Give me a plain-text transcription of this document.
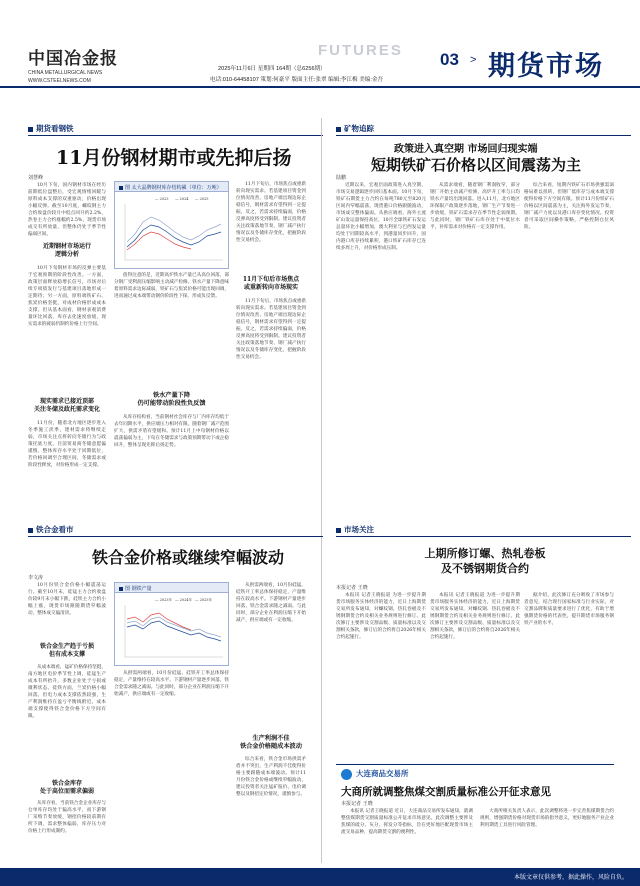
中国冶金报
CHINA METALLURGICAL NEWS
WWW.CSTEELNEWS.COM
FUTURES
2025年11月6日 星期四 164期（总6256期）
电话:010-64458107 策划:何豪平 版面主任:张翠 编辑:李江梅 美编:金吾
03 > 期货市场
期货看钢铁
11月份钢材期市或先抑后扬
刘慧峰

10月下旬，国内钢材市场在经历前期低位盘整后，受宏观情绪回暖与原料成本支撑的双重驱动，价格出现小幅反弹。截至10月底，螺纹钢主力合约收盘价较月中低点回升约2.2%，热卷主力合约涨幅约2.5%，现货市场成交有所放量，但整体仍处于季节性偏弱区间。

近期钢材市场运行
逻辑分析

10月下旬钢材市场的反弹主要基于宏观预期的阶段性改善。一方面，政策层面释放稳增长信号，市场对后续专项债发行与基建项目落地形成一定期待；另一方面，原料端铁矿石、焦炭价格坚挺，对成材价格形成成本支撑。但从基本面看，钢材表观消费量环比回落，库存去化速度放缓，现实需求的疲弱仍制约价格上行空间。

现实需求已接近顶部
关注冬储及政托需求变化

11月份，随着北方地区逐步进入冬季施工淡季，建材需求将继续走弱，市场关注点将转向冬储行为与政策托底力度。目前贸易商冬储意愿偏谨慎，整体库存水平处于同期低位，若价格回调至合理区间，冬储需求或阶段性释放，对价格形成一定支撑。

图 太大晶牌钢材库存结构累（单位：万吨）
— 2023 — 2024 — 2025

值得注意的是，近期高炉铁水产量已从高位回落，部分钢厂受利润压缩影响主动减产检修。铁水产量下降意味着原料需求边际减弱，铁矿石与焦炭价格可能出现回调，进而通过成本端带动钢价阶段性下探，形成负反馈。

铁水产量下降
仍可能带动阶段性负反馈

从库存结构看，当前钢材社会库存与厂内库存均低于去年同期水平，供应端压力相对有限。随着钢厂减产范围扩大，供需矛盾有望缓和。预计11月上中旬钢材价格以震荡偏弱为主，下旬在冬储需求与政策预期带动下或企稳回升，整体呈现先抑后扬走势。

11月下旬后，市场焦点或重新转向现实需求。若基建项目资金到位情况改善、房地产端出现边际企稳信号，钢材需求有望得到一定提振。反之，若需求持续偏弱，价格反弹高度将受到限制。建议投资者关注政策落地节奏、钢厂减产执行情况以及冬储库存变化，把握阶段性交易机会。

11月下旬后市场焦点
或重新转向市场现实

11月下旬后，市场焦点或重新转向现实需求。若基建项目资金到位情况改善、房地产端出现边际企稳信号，钢材需求有望得到一定提振。反之，若需求持续偏弱，价格反弹高度将受到限制。建议投资者关注政策落地节奏、钢厂减产执行情况以及冬储库存变化，把握阶段性交易机会。

矿物追踪
政策进入真空期 市场回归现实端
短期铁矿石价格以区间震荡为主
陆鹏

近期以来，宏观层面政策进入真空期，市场交易逻辑逐步回归基本面。10月下旬，铁矿石期货主力合约在每吨780元至820元区间内窄幅震荡，现货港口价格跟随波动，市场成交整体偏弱。从供应端看，海外主流矿山发运量保持高位，10月全球铁矿石发运总量环比小幅增加，澳大利亚与巴西发运量均处于同期较高水平，到港量同步回升，国内港口库存持续累积，港口铁矿石库存已连续多周上升，对价格形成压制。

从需求端看，随着钢厂利润收窄，部分钢厂开始主动减产检修，高炉开工率与日均铁水产量均出现回落。进入11月，北方地区环保限产政策逐步落地，钢厂生产节奏进一步放缓，铁矿石需求存在季节性走弱预期。与此同时，钢厂铁矿石库存处于中低位水平，补库需求对价格有一定支撑作用。

综合来看，短期内铁矿石市场供强需弱格局难以扭转，但钢厂低库存与成本端支撑使得价格下方空间有限。预计11月份铁矿石价格以区间震荡为主，关注海外发运节奏、钢厂减产力度以及港口库存变化情况。投资者可采取区间操作策略，严格控制仓位风险。

铁合金看市
铁合金价格或继续窄幅波动
李文涛

10月份铁合金价格小幅震荡运行。截至10月末，硅锰主力合约收盘价较9月末小幅下跌，硅铁主力合约小幅上涨，现货市场跟随期货窄幅波动，整体成交偏清淡。

铁合金生产趋于亏损
但有成本支撑

从成本端看，锰矿价格保持坚挺，南方地区电价季节性上调，硅锰生产成本有所抬升，多数企业处于亏损或微利状态。硅铁方面，兰炭价格小幅回落，但电力成本支撑依然较强，生产利润维持在盈亏平衡线附近。成本端支撑使得铁合金价格下方空间有限。

铁合金库存
处于高位而需求偏弱

从库存看，当前铁合金企业库存与仓单库存均处于偏高水平，而下游钢厂采购节奏放缓，钢招价格较前期有所下调，需求整体偏弱，库存压力对价格上行形成制约。

图 钢铁产量
— 2023年 — 2024年 — 2025年

从供需两端看，10月份硅锰、硅铁开工率总体保持稳定，产量维持在较高水平。下游钢材产量逐步回落，铁合金需求随之减弱。与此同时，部分企业在利润压缩下开始减产，供应端或有一定收缩。

从供需两端看，10月份硅锰、硅铁开工率总体保持稳定，产量维持在较高水平。下游钢材产量逐步回落，铁合金需求随之减弱。与此同时，部分企业在利润压缩下开始减产，供应端或有一定收缩。

生产利润不佳
铁合金价格随成本波动

综合来看，铁合金市场供需矛盾并不突出，生产利润不佳使得价格主要跟随成本端波动。预计11月份铁合金价格或继续窄幅波动，建议投资者关注锰矿报价、电价调整以及钢招定价情况，谨慎参与。

市场关注
上期所修订螺、热轧卷板
及不锈钢期货合约
本报记者 王晓

本报讯 记者王晓报道 为进一步提升期货市场服务实体经济的能力，近日上海期货交易所发布通知，对螺纹钢、热轧卷板及不锈钢期货合约及相关业务规则进行修订。此次修订主要涉及交割品级、质量标准以及交割相关条款，修订后的合约将自2026年相关合约起施行。

本报讯 记者王晓报道 为进一步提升期货市场服务实体经济的能力，近日上海期货交易所发布通知，对螺纹钢、热轧卷板及不锈钢期货合约及相关业务规则进行修订。此次修订主要涉及交割品级、质量标准以及交割相关条款，修订后的合约将自2026年相关合约起施行。

据介绍，此次修订充分吸收了市场参与者意见，结合现行国家标准与行业实际，对交割品牌和质量要求进行了优化，有助于增强期货价格的代表性，提升期货市场服务钢铁产业的水平。

大连商品交易所
大商所就调整焦煤交割质量标准公开征求意见
本报记者 王晓

本报讯 记者王晓报道 近日，大连商品交易所发布通知，就调整焦煤期货交割质量标准公开征求市场意见。此次调整主要涉及焦煤的硫分、灰分、挥发分等指标，旨在更好地匹配现货市场主流交易品种，提高期货交割的便利性。

大商所相关负责人表示，此次调整将进一步完善焦煤期货合约规则，增强期货价格对现货市场的指导意义，更好地服务产业企业利用期货工具进行风险管理。

本版文章仅供参考，据此操作，风险自负。
